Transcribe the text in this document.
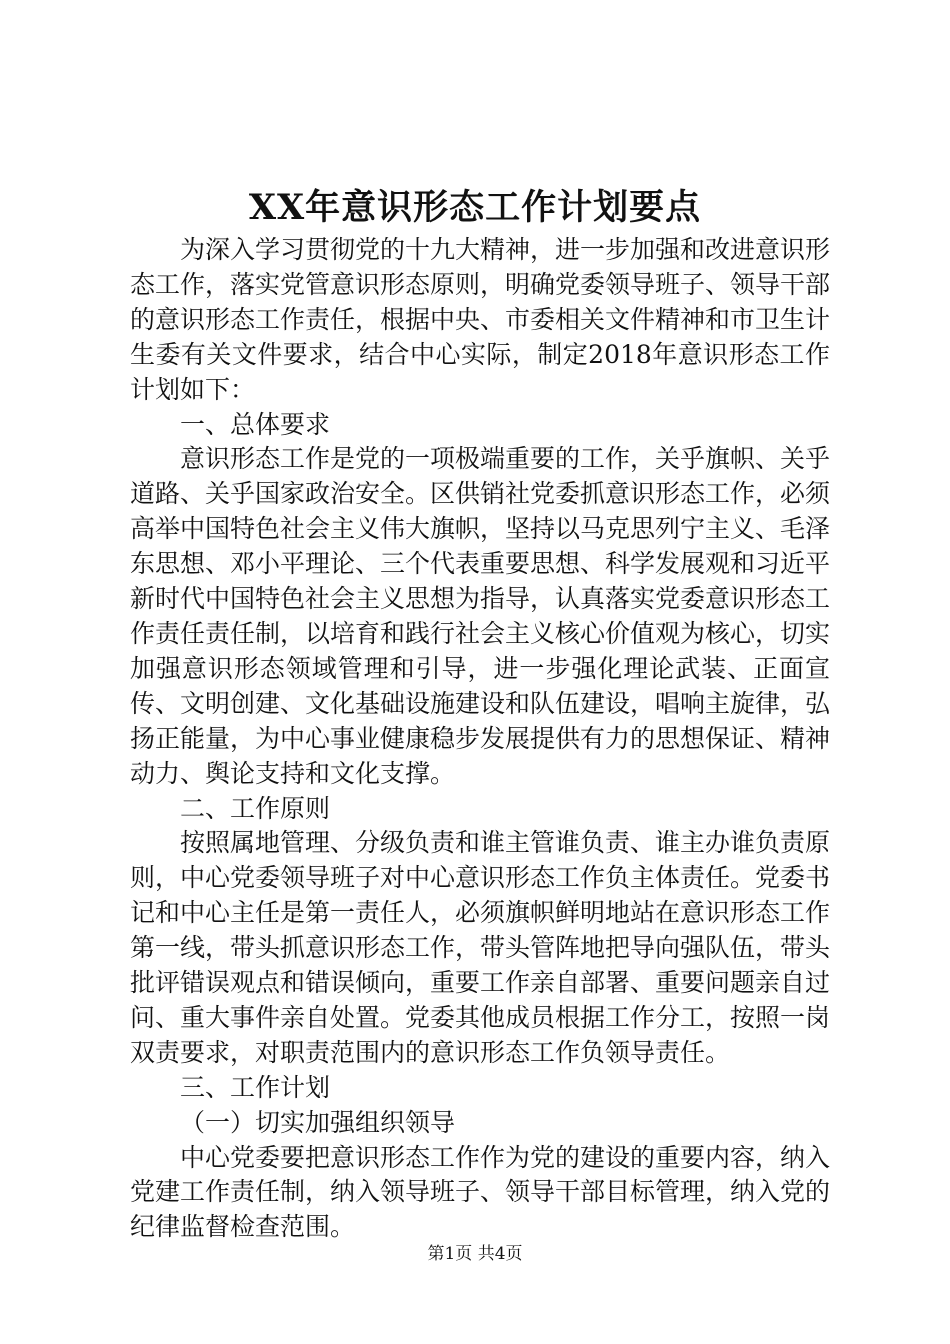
XX年意识形态工作计划要点

为深入学习贯彻党的十九大精神，进一步加强和改进意识形态工作，落实党管意识形态原则，明确党委领导班子、领导干部的意识形态工作责任，根据中央、市委相关文件精神和市卫生计生委有关文件要求，结合中心实际，制定2018年意识形态工作计划如下：

一、总体要求

意识形态工作是党的一项极端重要的工作，关乎旗帜、关乎道路、关乎国家政治安全。区供销社党委抓意识形态工作，必须高举中国特色社会主义伟大旗帜，坚持以马克思列宁主义、毛泽东思想、邓小平理论、三个代表重要思想、科学发展观和习近平新时代中国特色社会主义思想为指导，认真落实党委意识形态工作责任责任制，以培育和践行社会主义核心价值观为核心，切实加强意识形态领域管理和引导，进一步强化理论武装、正面宣传、文明创建、文化基础设施建设和队伍建设，唱响主旋律，弘扬正能量，为中心事业健康稳步发展提供有力的思想保证、精神动力、舆论支持和文化支撑。

二、工作原则

按照属地管理、分级负责和谁主管谁负责、谁主办谁负责原则，中心党委领导班子对中心意识形态工作负主体责任。党委书记和中心主任是第一责任人，必须旗帜鲜明地站在意识形态工作第一线，带头抓意识形态工作，带头管阵地把导向强队伍，带头批评错误观点和错误倾向，重要工作亲自部署、重要问题亲自过问、重大事件亲自处置。党委其他成员根据工作分工，按照一岗双责要求，对职责范围内的意识形态工作负领导责任。

三、工作计划
（一）切实加强组织领导

中心党委要把意识形态工作作为党的建设的重要内容，纳入党建工作责任制，纳入领导班子、领导干部目标管理，纳入党的纪律监督检查范围。

第1页 共4页
